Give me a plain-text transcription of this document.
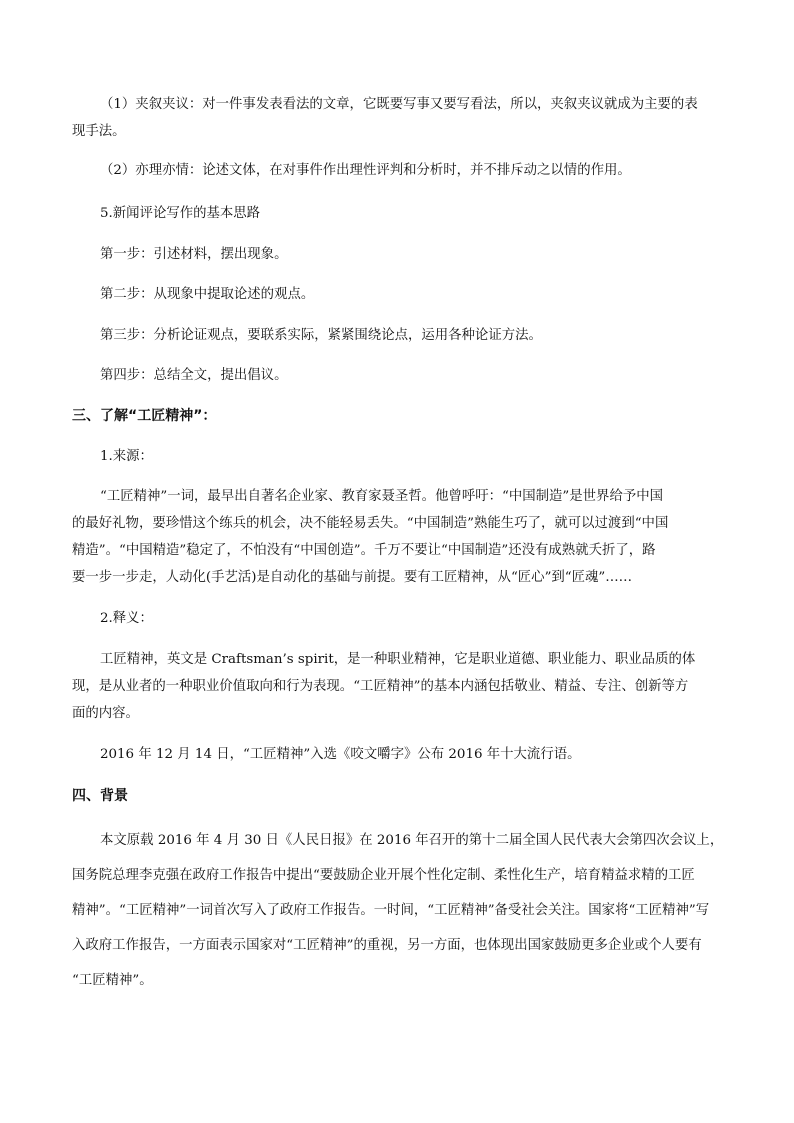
（1）夹叙夹议：对一件事发表看法的文章，它既要写事又要写看法，所以，夹叙夹议就成为主要的表

现手法。

（2）亦理亦情：论述文体，在对事件作出理性评判和分析时，并不排斥动之以情的作用。

5.新闻评论写作的基本思路

第一步：引述材料，摆出现象。

第二步：从现象中提取论述的观点。

第三步：分析论证观点，要联系实际，紧紧围绕论点，运用各种论证方法。

第四步：总结全文，提出倡议。

三、了解“工匠精神”：

1.来源：

“工匠精神”一词，最早出自著名企业家、教育家聂圣哲。他曾呼吁：“中国制造”是世界给予中国

的最好礼物，要珍惜这个练兵的机会，决不能轻易丢失。“中国制造”熟能生巧了，就可以过渡到“中国

精造”。“中国精造”稳定了，不怕没有“中国创造”。千万不要让“中国制造”还没有成熟就夭折了，路

要一步一步走，人动化(手艺活)是自动化的基础与前提。要有工匠精神，从“匠心”到“匠魂”……

2.释义：

工匠精神，英文是 Craftsman’s spirit，是一种职业精神，它是职业道德、职业能力、职业品质的体

现，是从业者的一种职业价值取向和行为表现。“工匠精神”的基本内涵包括敬业、精益、专注、创新等方

面的内容。

2016 年 12 月 14 日，“工匠精神”入选《咬文嚼字》公布 2016 年十大流行语。

四、背景

本文原载 2016 年 4 月 30 日《人民日报》在 2016 年召开的第十二届全国人民代表大会第四次会议上，

国务院总理李克强在政府工作报告中提出“要鼓励企业开展个性化定制、柔性化生产，培育精益求精的工匠

精神”。“工匠精神”一词首次写入了政府工作报告。一时间，“工匠精神”备受社会关注。国家将“工匠精神”写

入政府工作报告，一方面表示国家对“工匠精神”的重视，另一方面，也体现出国家鼓励更多企业或个人要有

“工匠精神”。
